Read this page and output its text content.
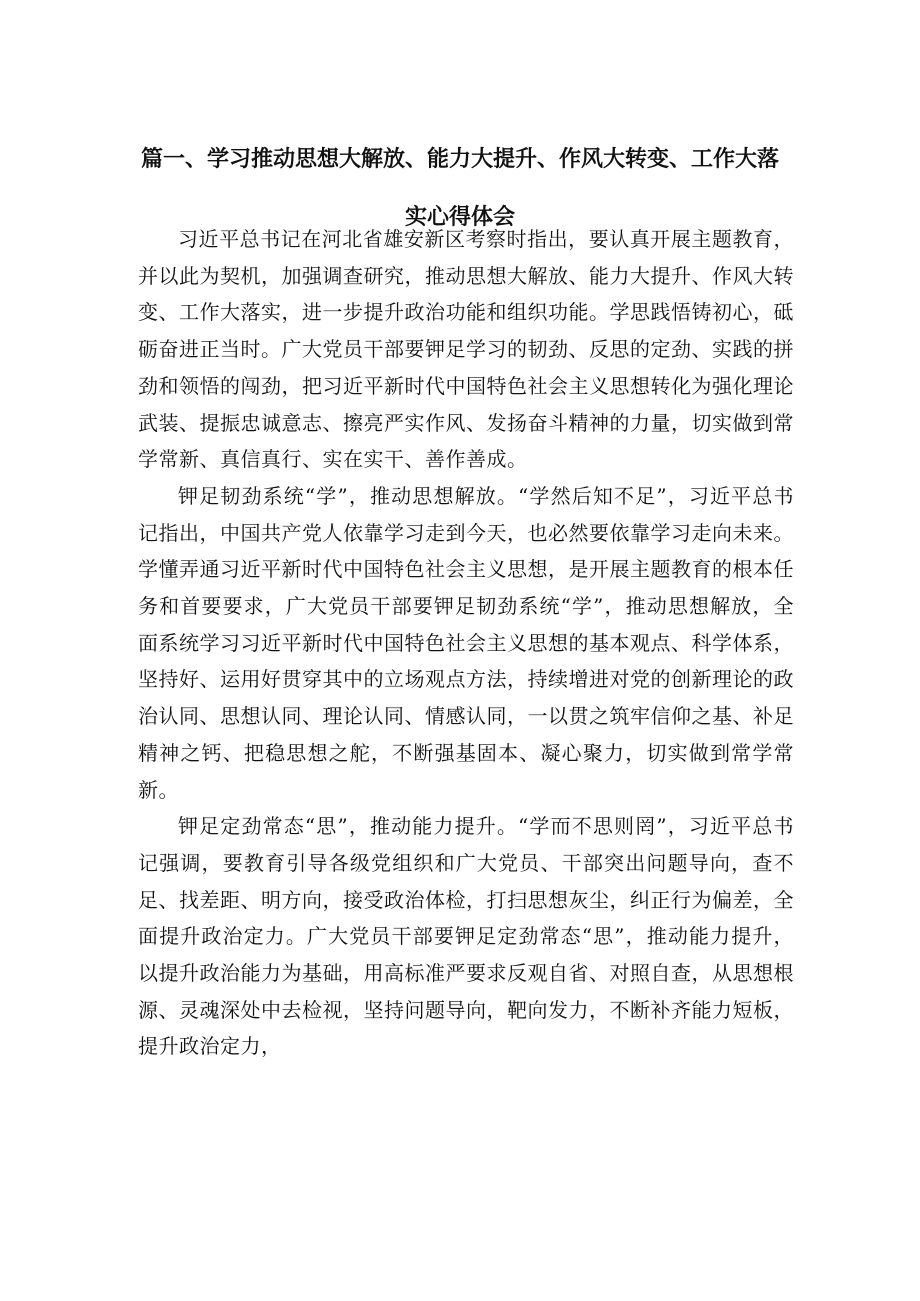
篇一、学习推动思想大解放、能力大提升、作风大转变、工作大落
实心得体会

习近平总书记在河北省雄安新区考察时指出，要认真开展主题教育，并以此为契机，加强调查研究，推动思想大解放、能力大提升、作风大转变、工作大落实，进一步提升政治功能和组织功能。学思践悟铸初心，砥砺奋进正当时。广大党员干部要钾足学习的韧劲、反思的定劲、实践的拼劲和领悟的闯劲，把习近平新时代中国特色社会主义思想转化为强化理论武装、提振忠诚意志、擦亮严实作风、发扬奋斗精神的力量，切实做到常学常新、真信真行、实在实干、善作善成。

钾足韧劲系统“学”，推动思想解放。“学然后知不足”，习近平总书记指出，中国共产党人依靠学习走到今天，也必然要依靠学习走向未来。学懂弄通习近平新时代中国特色社会主义思想，是开展主题教育的根本任务和首要要求，广大党员干部要钾足韧劲系统“学”，推动思想解放，全面系统学习习近平新时代中国特色社会主义思想的基本观点、科学体系，坚持好、运用好贯穿其中的立场观点方法，持续增进对党的创新理论的政治认同、思想认同、理论认同、情感认同，一以贯之筑牢信仰之基、补足精神之钙、把稳思想之舵，不断强基固本、凝心聚力，切实做到常学常新。

钾足定劲常态“思”，推动能力提升。“学而不思则罔”，习近平总书记强调，要教育引导各级党组织和广大党员、干部突出问题导向，查不足、找差距、明方向，接受政治体检，打扫思想灰尘，纠正行为偏差，全面提升政治定力。广大党员干部要钾足定劲常态“思”，推动能力提升，以提升政治能力为基础，用高标准严要求反观自省、对照自查，从思想根源、灵魂深处中去检视，坚持问题导向，靶向发力，不断补齐能力短板，提升政治定力，
